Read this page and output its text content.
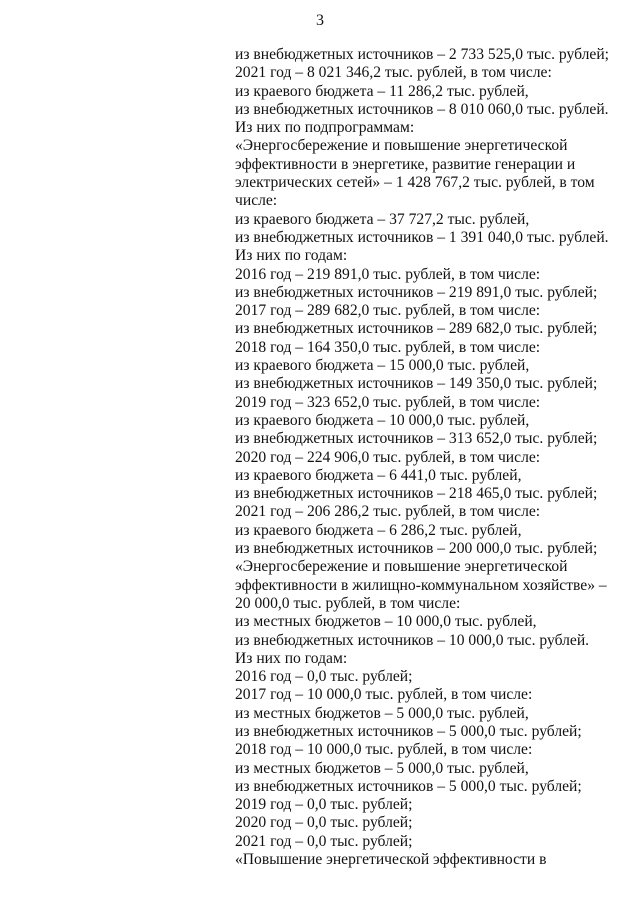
3
из внебюджетных источников – 2 733 525,0 тыс. рублей;
2021 год – 8 021 346,2 тыс. рублей, в том числе:
из краевого бюджета – 11 286,2 тыс. рублей,
из внебюджетных источников – 8 010 060,0 тыс. рублей.
Из них по подпрограммам:
«Энергосбережение и повышение энергетической
эффективности в энергетике, развитие генерации и
электрических сетей» – 1 428 767,2 тыс. рублей, в том
числе:
из краевого бюджета – 37 727,2 тыс. рублей,
из внебюджетных источников – 1 391 040,0 тыс. рублей.
Из них по годам:
2016 год – 219 891,0 тыс. рублей, в том числе:
из внебюджетных источников – 219 891,0 тыс. рублей;
2017 год – 289 682,0 тыс. рублей, в том числе:
из внебюджетных источников – 289 682,0 тыс. рублей;
2018 год – 164 350,0 тыс. рублей, в том числе:
из краевого бюджета – 15 000,0 тыс. рублей,
из внебюджетных источников – 149 350,0 тыс. рублей;
2019 год – 323 652,0 тыс. рублей, в том числе:
из краевого бюджета – 10 000,0 тыс. рублей,
из внебюджетных источников – 313 652,0 тыс. рублей;
2020 год – 224 906,0 тыс. рублей, в том числе:
из краевого бюджета – 6 441,0 тыс. рублей,
из внебюджетных источников – 218 465,0 тыс. рублей;
2021 год – 206 286,2 тыс. рублей, в том числе:
из краевого бюджета – 6 286,2 тыс. рублей,
из внебюджетных источников – 200 000,0 тыс. рублей;
«Энергосбережение и повышение энергетической
эффективности в жилищно-коммунальном хозяйстве» –
20 000,0 тыс. рублей, в том числе:
из местных бюджетов – 10 000,0 тыс. рублей,
из внебюджетных источников – 10 000,0 тыс. рублей.
Из них по годам:
2016 год – 0,0 тыс. рублей;
2017 год – 10 000,0 тыс. рублей, в том числе:
из местных бюджетов – 5 000,0 тыс. рублей,
из внебюджетных источников – 5 000,0 тыс. рублей;
2018 год – 10 000,0 тыс. рублей, в том числе:
из местных бюджетов – 5 000,0 тыс. рублей,
из внебюджетных источников – 5 000,0 тыс. рублей;
2019 год – 0,0 тыс. рублей;
2020 год – 0,0 тыс. рублей;
2021 год – 0,0 тыс. рублей;
«Повышение энергетической эффективности в
